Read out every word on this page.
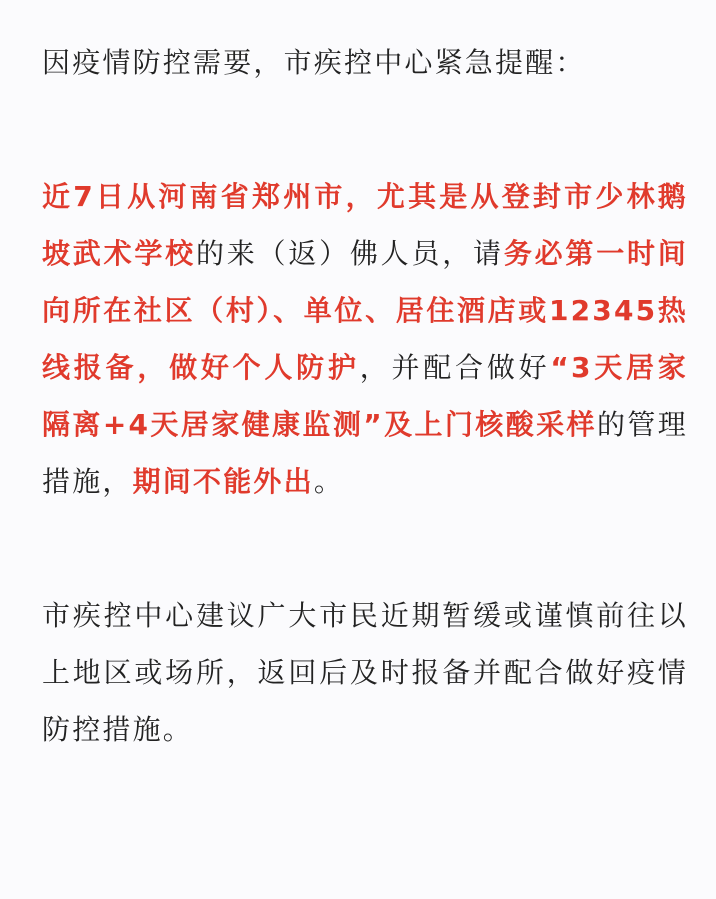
因疫情防控需要，市疾控中心紧急提醒：

近7日从河南省郑州市，尤其是从登封市少林鹅坡武术学校的来（返）佛人员，请务必第一时间向所在社区（村）、单位、居住酒店或12345热线报备，做好个人防护，并配合做好“3天居家隔离+4天居家健康监测”及上门核酸采样的管理措施，期间不能外出。

市疾控中心建议广大市民近期暂缓或谨慎前往以上地区或场所，返回后及时报备并配合做好疫情防控措施。
